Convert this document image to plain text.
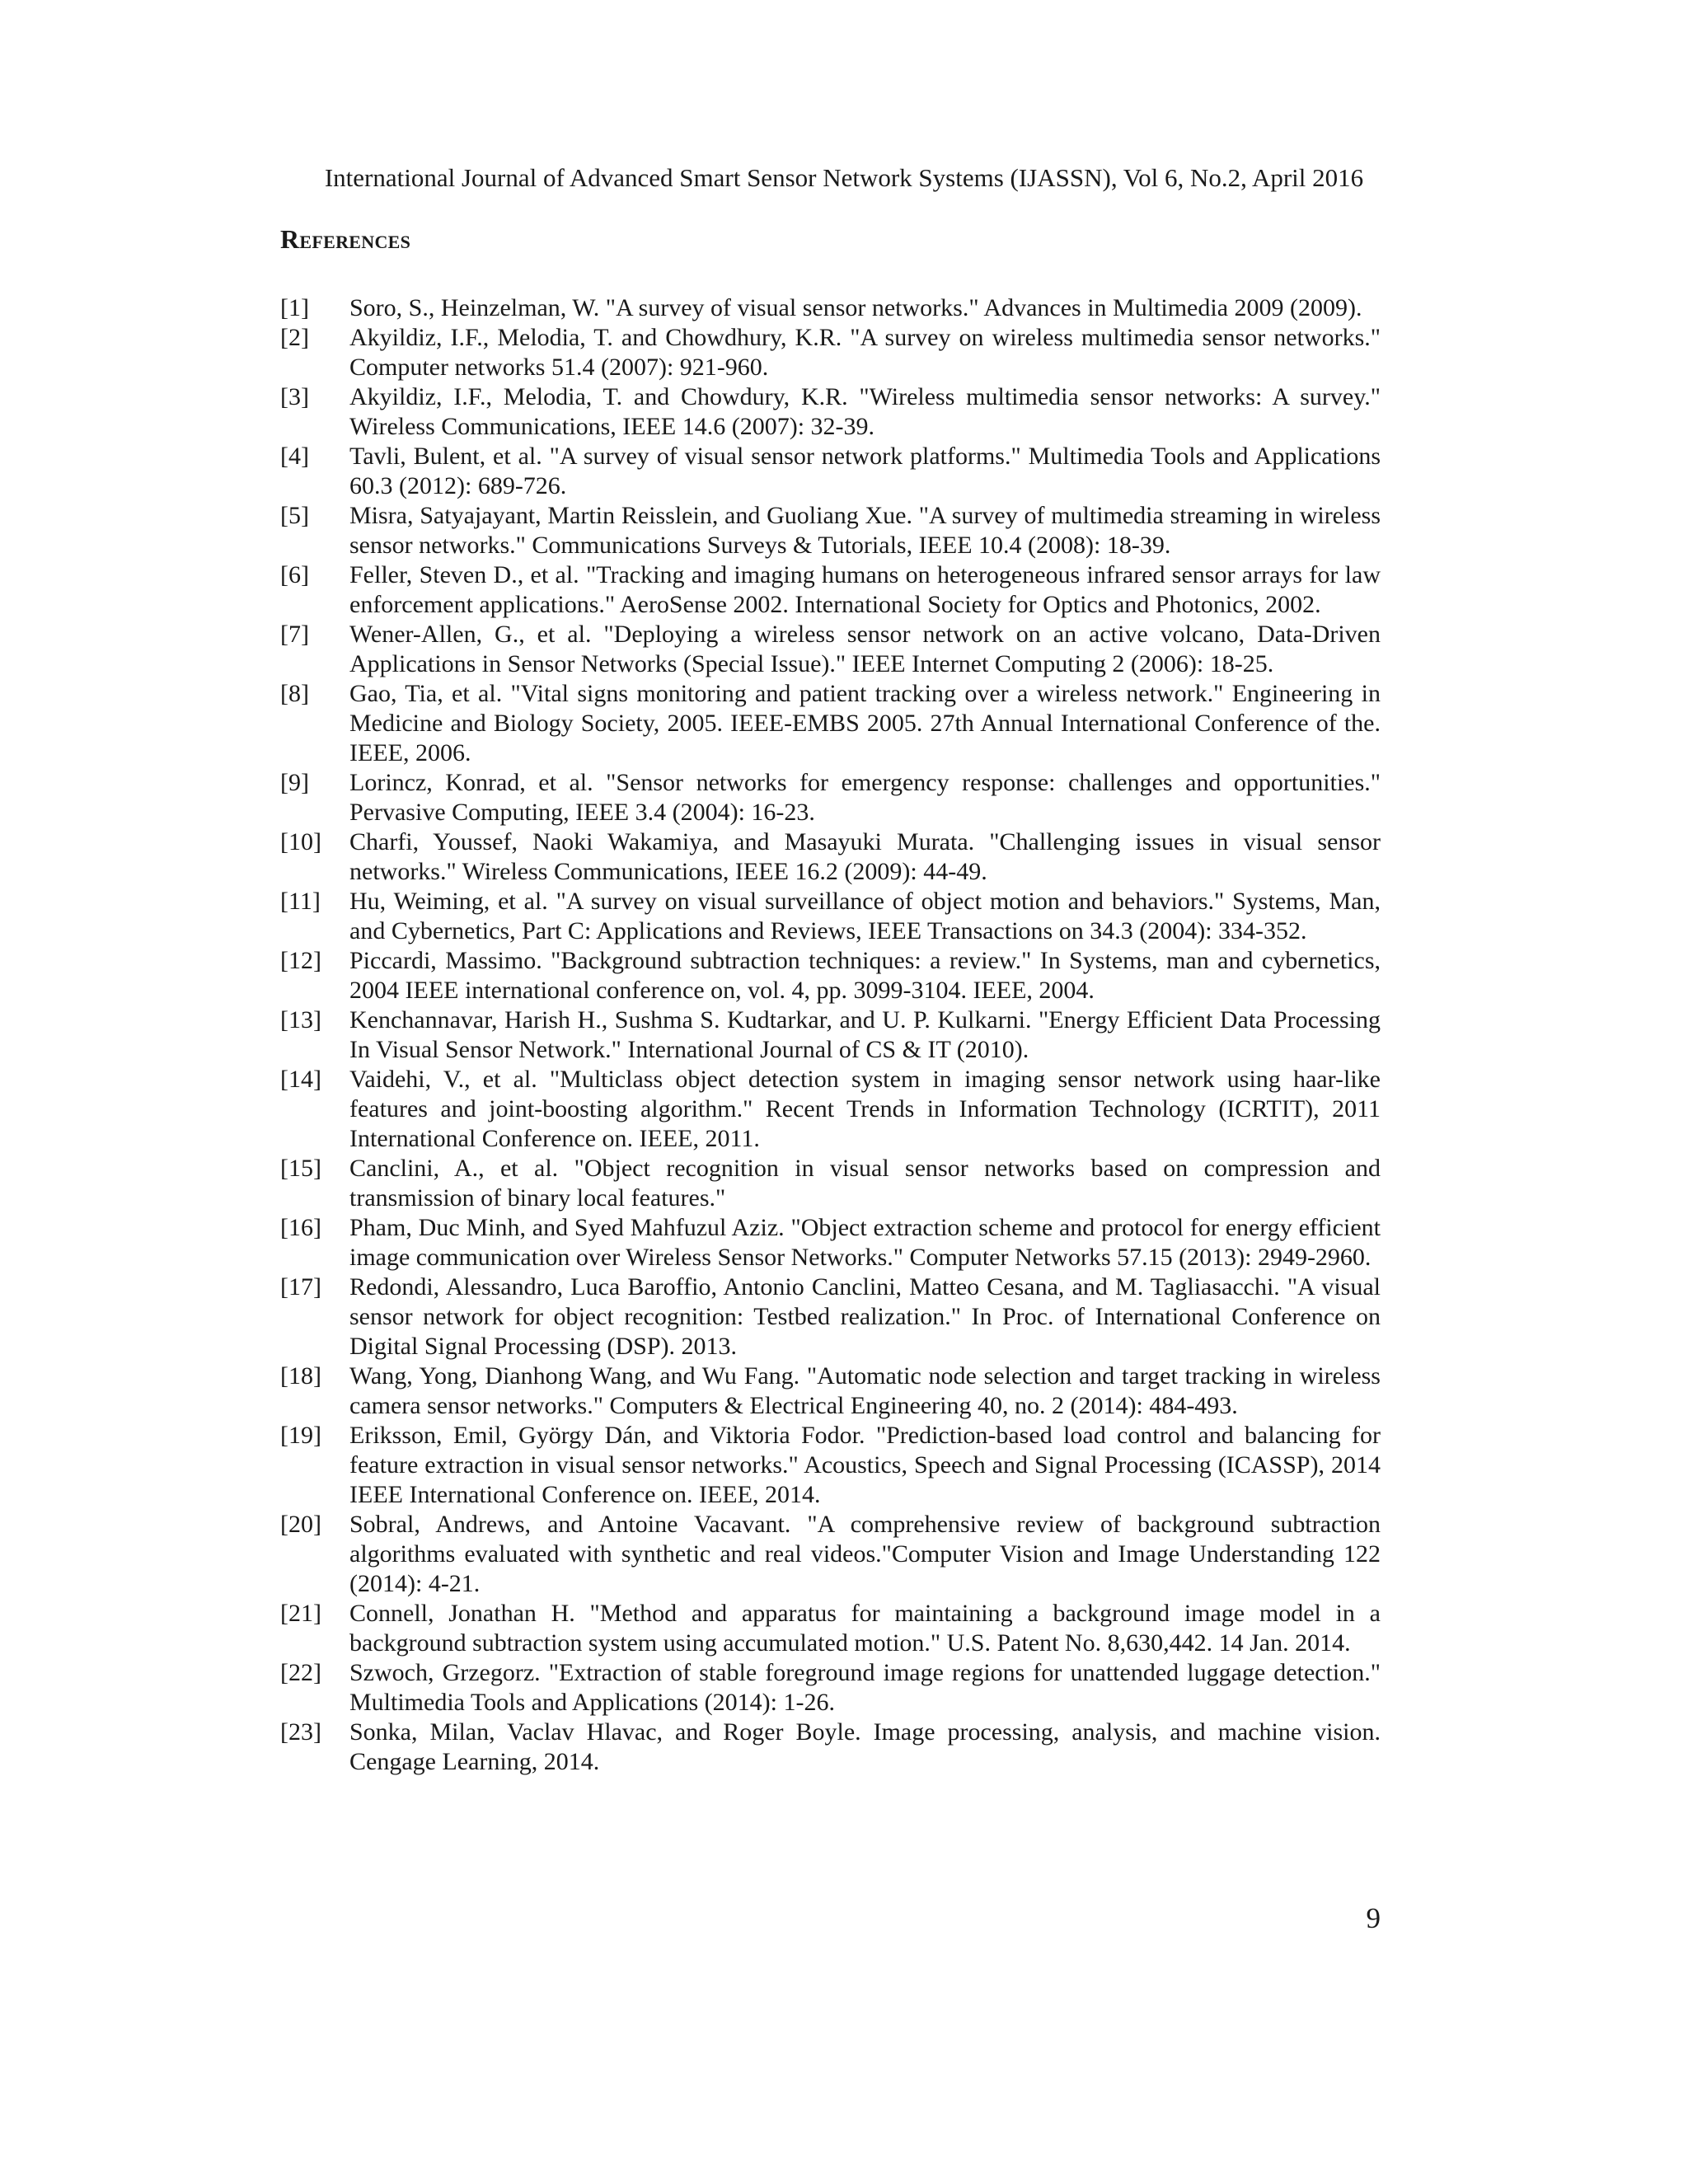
International Journal of Advanced Smart Sensor Network Systems (IJASSN), Vol 6, No.2, April 2016
References
[1] Soro, S., Heinzelman, W. "A survey of visual sensor networks." Advances in Multimedia 2009 (2009).
[2] Akyildiz, I.F., Melodia, T. and Chowdhury, K.R. "A survey on wireless multimedia sensor networks." Computer networks 51.4 (2007): 921-960.
[3] Akyildiz, I.F., Melodia, T. and Chowdury, K.R. "Wireless multimedia sensor networks: A survey." Wireless Communications, IEEE 14.6 (2007): 32-39.
[4] Tavli, Bulent, et al. "A survey of visual sensor network platforms." Multimedia Tools and Applications 60.3 (2012): 689-726.
[5] Misra, Satyajayant, Martin Reisslein, and Guoliang Xue. "A survey of multimedia streaming in wireless sensor networks." Communications Surveys & Tutorials, IEEE 10.4 (2008): 18-39.
[6] Feller, Steven D., et al. "Tracking and imaging humans on heterogeneous infrared sensor arrays for law enforcement applications." AeroSense 2002. International Society for Optics and Photonics, 2002.
[7] Wener-Allen, G., et al. "Deploying a wireless sensor network on an active volcano, Data-Driven Applications in Sensor Networks (Special Issue)." IEEE Internet Computing 2 (2006): 18-25.
[8] Gao, Tia, et al. "Vital signs monitoring and patient tracking over a wireless network." Engineering in Medicine and Biology Society, 2005. IEEE-EMBS 2005. 27th Annual International Conference of the. IEEE, 2006.
[9] Lorincz, Konrad, et al. "Sensor networks for emergency response: challenges and opportunities." Pervasive Computing, IEEE 3.4 (2004): 16-23.
[10] Charfi, Youssef, Naoki Wakamiya, and Masayuki Murata. "Challenging issues in visual sensor networks." Wireless Communications, IEEE 16.2 (2009): 44-49.
[11] Hu, Weiming, et al. "A survey on visual surveillance of object motion and behaviors." Systems, Man, and Cybernetics, Part C: Applications and Reviews, IEEE Transactions on 34.3 (2004): 334-352.
[12] Piccardi, Massimo. "Background subtraction techniques: a review." In Systems, man and cybernetics, 2004 IEEE international conference on, vol. 4, pp. 3099-3104. IEEE, 2004.
[13] Kenchannavar, Harish H., Sushma S. Kudtarkar, and U. P. Kulkarni. "Energy Efficient Data Processing In Visual Sensor Network." International Journal of CS & IT (2010).
[14] Vaidehi, V., et al. "Multiclass object detection system in imaging sensor network using haar-like features and joint-boosting algorithm." Recent Trends in Information Technology (ICRTIT), 2011 International Conference on. IEEE, 2011.
[15] Canclini, A., et al. "Object recognition in visual sensor networks based on compression and transmission of binary local features."
[16] Pham, Duc Minh, and Syed Mahfuzul Aziz. "Object extraction scheme and protocol for energy efficient image communication over Wireless Sensor Networks." Computer Networks 57.15 (2013): 2949-2960.
[17] Redondi, Alessandro, Luca Baroffio, Antonio Canclini, Matteo Cesana, and M. Tagliasacchi. "A visual sensor network for object recognition: Testbed realization." In Proc. of International Conference on Digital Signal Processing (DSP). 2013.
[18] Wang, Yong, Dianhong Wang, and Wu Fang. "Automatic node selection and target tracking in wireless camera sensor networks." Computers & Electrical Engineering 40, no. 2 (2014): 484-493.
[19] Eriksson, Emil, György Dán, and Viktoria Fodor. "Prediction-based load control and balancing for feature extraction in visual sensor networks." Acoustics, Speech and Signal Processing (ICASSP), 2014 IEEE International Conference on. IEEE, 2014.
[20] Sobral, Andrews, and Antoine Vacavant. "A comprehensive review of background subtraction algorithms evaluated with synthetic and real videos."Computer Vision and Image Understanding 122 (2014): 4-21.
[21] Connell, Jonathan H. "Method and apparatus for maintaining a background image model in a background subtraction system using accumulated motion." U.S. Patent No. 8,630,442. 14 Jan. 2014.
[22] Szwoch, Grzegorz. "Extraction of stable foreground image regions for unattended luggage detection." Multimedia Tools and Applications (2014): 1-26.
[23] Sonka, Milan, Vaclav Hlavac, and Roger Boyle. Image processing, analysis, and machine vision. Cengage Learning, 2014.
9
